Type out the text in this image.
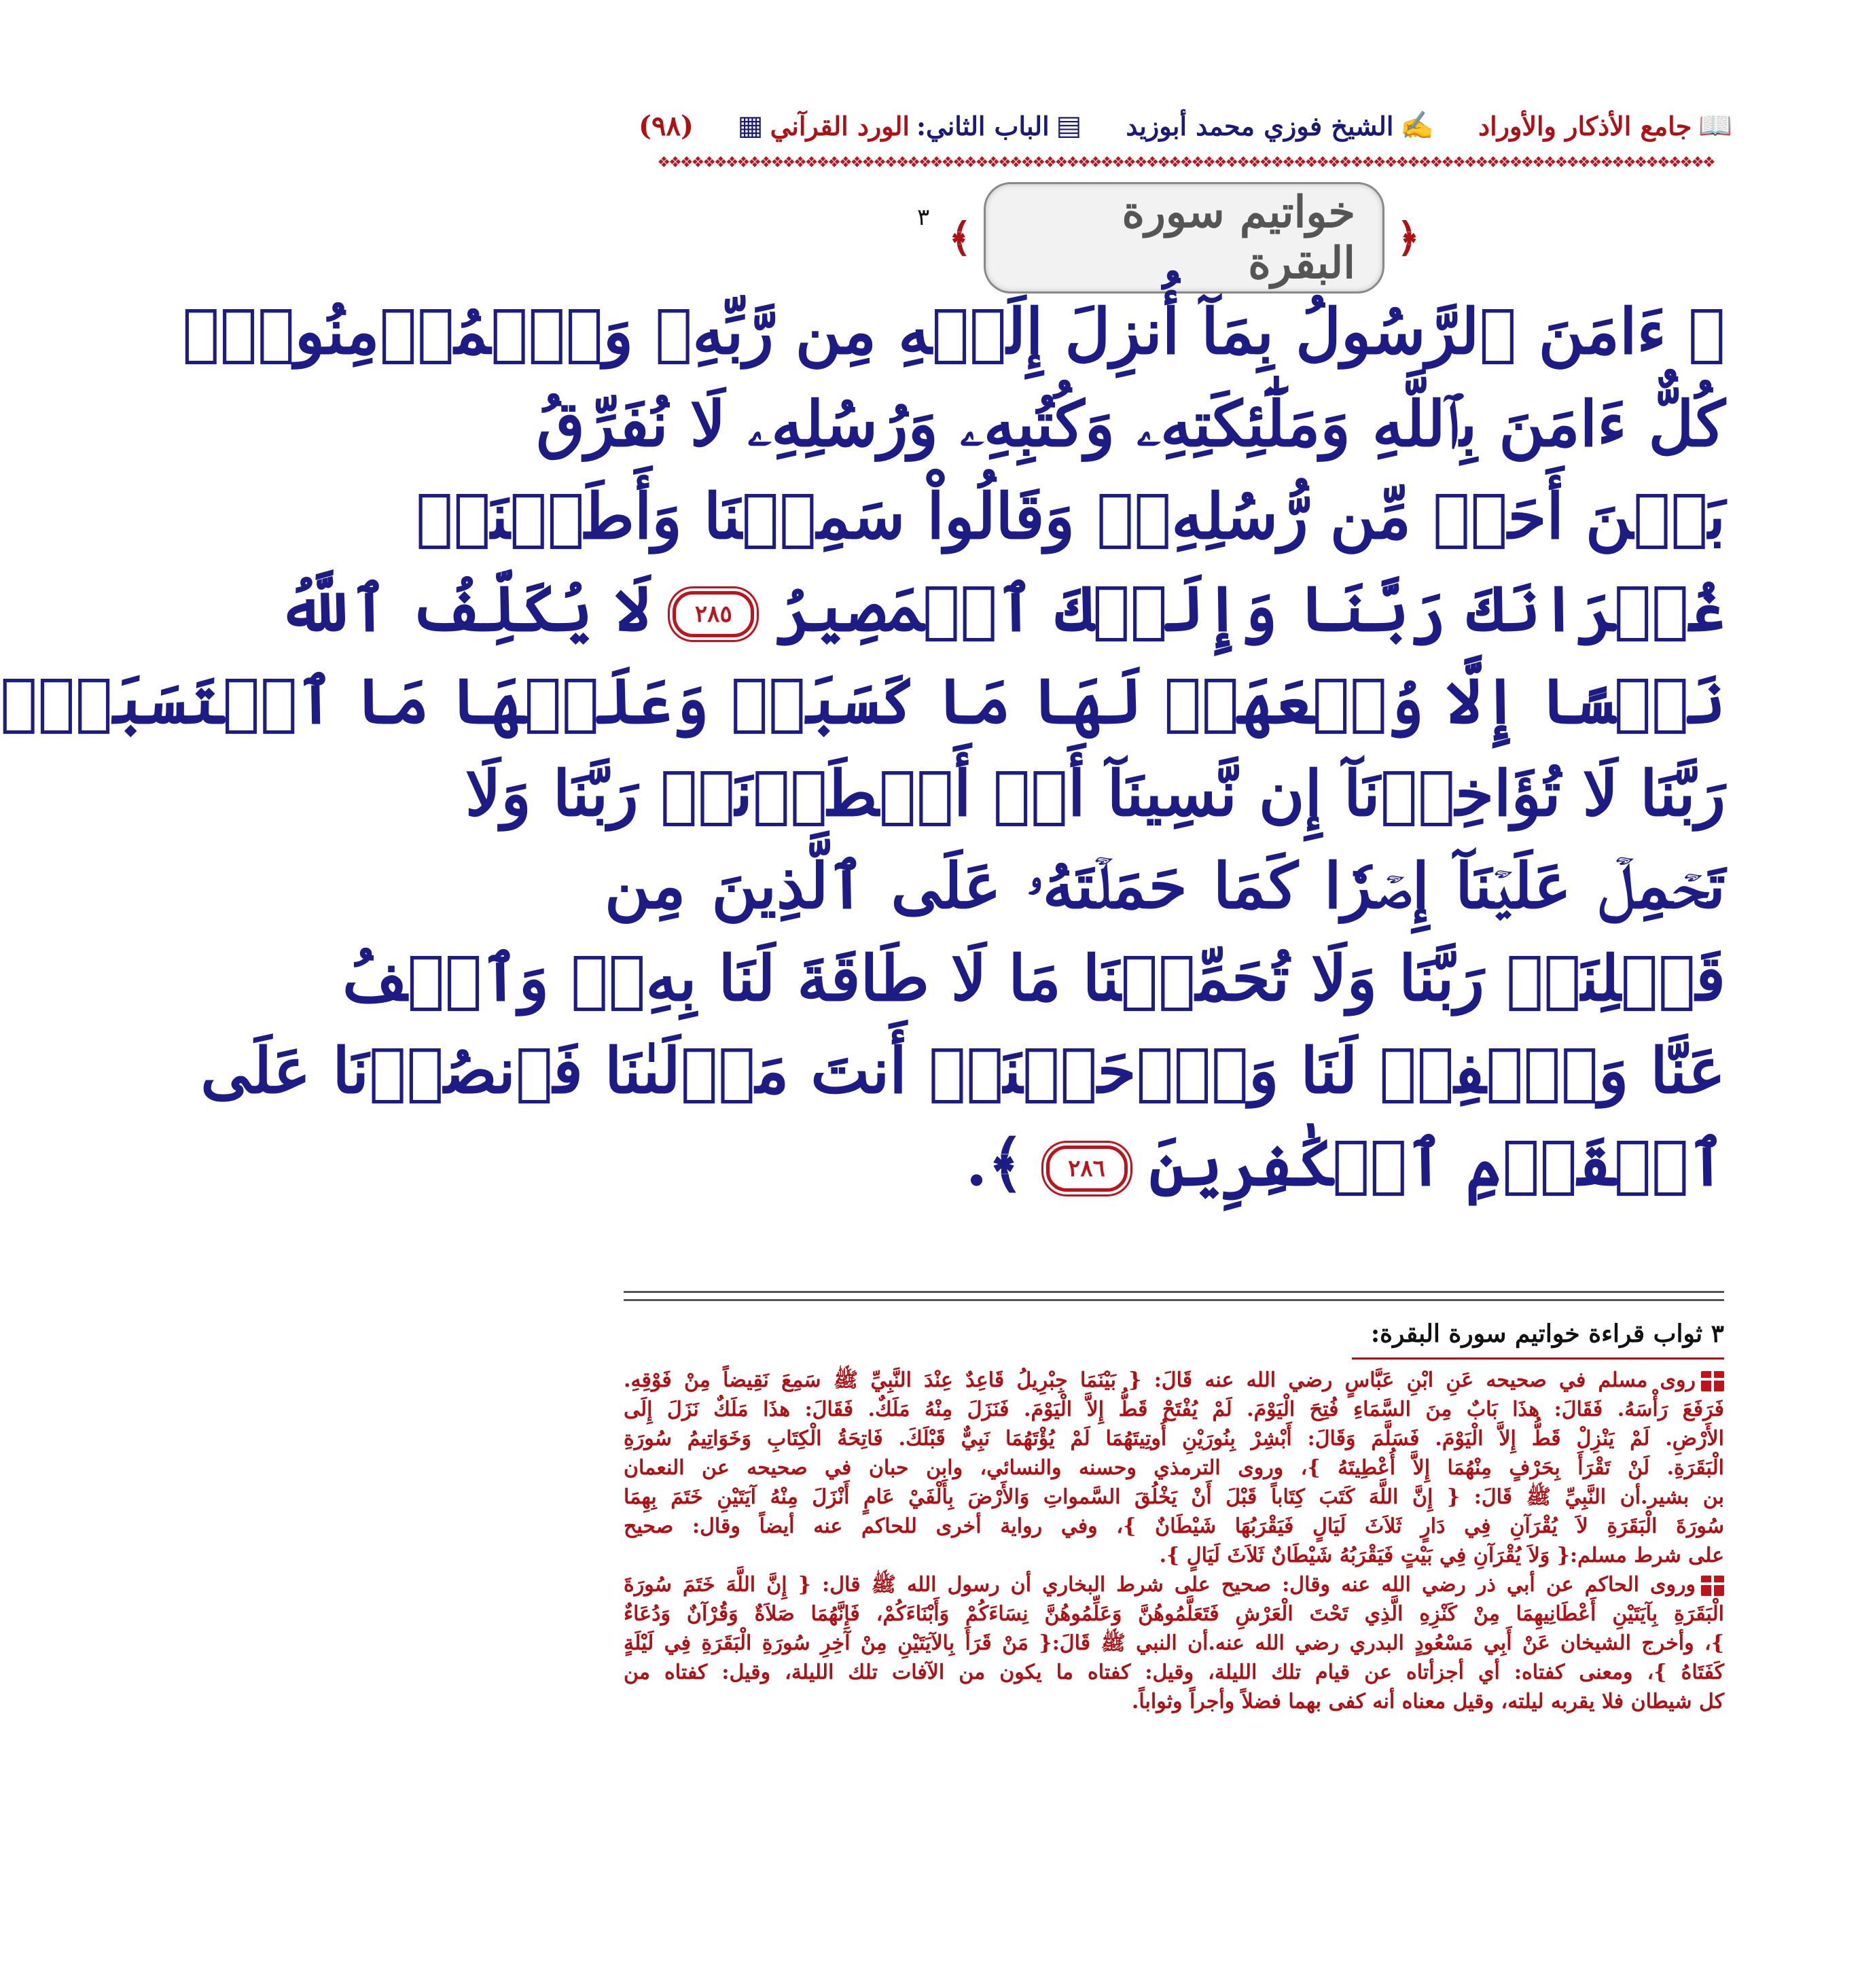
📖
جامع الأذكار والأوراد
✍
الشيخ فوزي محمد أبوزيد
▤
الباب الثاني:
الورد القرآني
▦
(٩٨)
❖❖❖❖❖❖❖❖❖❖❖❖❖❖❖❖❖❖❖❖❖❖❖❖❖❖❖❖❖❖❖❖❖❖❖❖❖❖❖❖❖❖❖❖❖❖❖❖❖❖❖❖❖❖❖❖❖❖❖❖❖❖❖❖❖❖❖❖❖❖❖❖❖❖❖❖❖❖❖❖❖❖❖❖❖❖❖❖❖❖❖❖❖
﴿
خواتيم سورة البقرة
﴾
٣
﴿ ءَامَنَ ٱلرَّسُولُ بِمَآ أُنزِلَ إِلَيۡهِ مِن رَّبِّهِۦ وَٱلۡمُؤۡمِنُونَۚ
كُلٌّ ءَامَنَ بِٱللَّهِ وَمَلَٰٓئِكَتِهِۦ وَكُتُبِهِۦ وَرُسُلِهِۦ لَا نُفَرِّقُ
بَيۡنَ أَحَدٖ مِّن رُّسُلِهِۦۚ وَقَالُواْ سَمِعۡنَا وَأَطَعۡنَاۖ
غُفۡرَانَكَ رَبَّنَا وَإِلَيۡكَ ٱلۡمَصِيرُ ٢٨٥ لَا يُكَلِّفُ ٱللَّهُ
نَفۡسًا إِلَّا وُسۡعَهَاۚ لَهَا مَا كَسَبَتۡ وَعَلَيۡهَا مَا ٱكۡتَسَبَتۡۗ
رَبَّنَا لَا تُؤَاخِذۡنَآ إِن نَّسِينَآ أَوۡ أَخۡطَأۡنَاۚ رَبَّنَا وَلَا
تَحۡمِلۡ عَلَيۡنَآ إِصۡرٗا كَمَا حَمَلۡتَهُۥ عَلَى ٱلَّذِينَ مِن
قَبۡلِنَاۚ رَبَّنَا وَلَا تُحَمِّلۡنَا مَا لَا طَاقَةَ لَنَا بِهِۦۖ وَٱعۡفُ
عَنَّا وَٱغۡفِرۡ لَنَا وَٱرۡحَمۡنَآۚ أَنتَ مَوۡلَىٰنَا فَٱنصُرۡنَا عَلَى
ٱلۡقَوۡمِ ٱلۡكَٰفِرِينَ ٢٨٦ ﴾.
٣ ثواب قراءة خواتيم سورة البقرة:
روى مسلم في صحيحه عَنِ ابْنِ عَبَّاسٍ رضي الله عنه قَالَ: { بَيْنَمَا جِبْرِيلُ قَاعِدٌ عِنْدَ النَّبِيِّ ﷺ سَمِعَ نَقِيضاً مِنْ فَوْقِهِ.
فَرَفَعَ رَأْسَهُ. فَقَالَ: هذَا بَابٌ مِنَ السَّمَاءِ فُتِحَ الْيَوْمَ. لَمْ يُفْتَحْ قَطُّ إِلاَّ الْيَوْمَ. فَنَزَلَ مِنْهُ مَلَكٌ. فَقَالَ: هذَا مَلَكٌ نَزَلَ إِلَى
الأَرْضِ. لَمْ يَنْزِلْ قَطُّ إِلاَّ الْيَوْمَ. فَسَلَّمَ وَقَالَ: أَبْشِرْ بِنُورَيْنِ أُوتِيتَهُمَا لَمْ يُؤْتَهُمَا نَبِيٌّ قَبْلَكَ. فَاتِحَةُ الْكِتَابِ وَخَوَاتِيمُ سُورَةِ
الْبَقَرَةِ. لَنْ تَقْرَأَ بِحَرْفٍ مِنْهُمَا إِلاَّ أُعْطِيتَهُ }، وروى الترمذي وحسنه والنسائي، وابن حبان في صحيحه عن النعمان
بن بشير.أن النَّبِيِّ ﷺ قَالَ: { إِنَّ اللَّهَ كَتَبَ كِتَاباً قَبْلَ أَنْ يَخْلُقَ السَّمواتِ وَالأَرْضَ بِأَلْفَيْ عَامٍ أَنْزَلَ مِنْهُ آيَتَيْنِ خَتَمَ بِهِمَا
سُورَةَ الْبَقَرَةِ لاَ يُقْرَآنِ فِي دَارٍ ثَلاَثَ لَيَالٍ فَيَقْرَبُهَا شَيْطَانٌ }، وفي رواية أخرى للحاكم عنه أيضاً وقال: صحيح
على شرط مسلم:{ وَلاَ يُقْرَآنِ فِي بَيْتٍ فَيَقْرَبُهُ شَيْطَانٌ ثَلاَثَ لَيَالٍ }.
وروى الحاكم عن أبي ذر رضي الله عنه وقال: صحيح على شرط البخاري أن رسول الله ﷺ قال: { إِنَّ اللَّهَ خَتَمَ سُورَةَ
الْبَقَرَةِ بِآيَتَيْنِ أَعْطَانِيهِمَا مِنْ كَنْزِهِ الَّذِي تَحْتَ الْعَرْشِ فَتَعَلَّمُوهُنَّ وَعَلِّمُوهُنَّ نِسَاءَكُمْ وَأَبْنَاءَكُمْ، فَإِنَّهُمَا صَلاَةٌ وَقُرْآنٌ وَدُعَاءٌ
}، وأخرج الشيخان عَنْ أَبِي مَسْعُودٍ البدري رضي الله عنه.أن النبي ﷺ قَالَ:{ مَنْ قَرَأَ بِالآيَتَيْنِ مِنْ آخِرِ سُورَةِ الْبَقَرَةِ فِي لَيْلَةٍ
كَفَتَاهُ }، ومعنى كفتاه: أي أجزأتاه عن قيام تلك الليلة، وقيل: كفتاه ما يكون من الآفات تلك الليلة، وقيل: كفتاه من
كل شيطان فلا يقربه ليلته، وقيل معناه أنه كفى بهما فضلاً وأجراً وثواباً.
